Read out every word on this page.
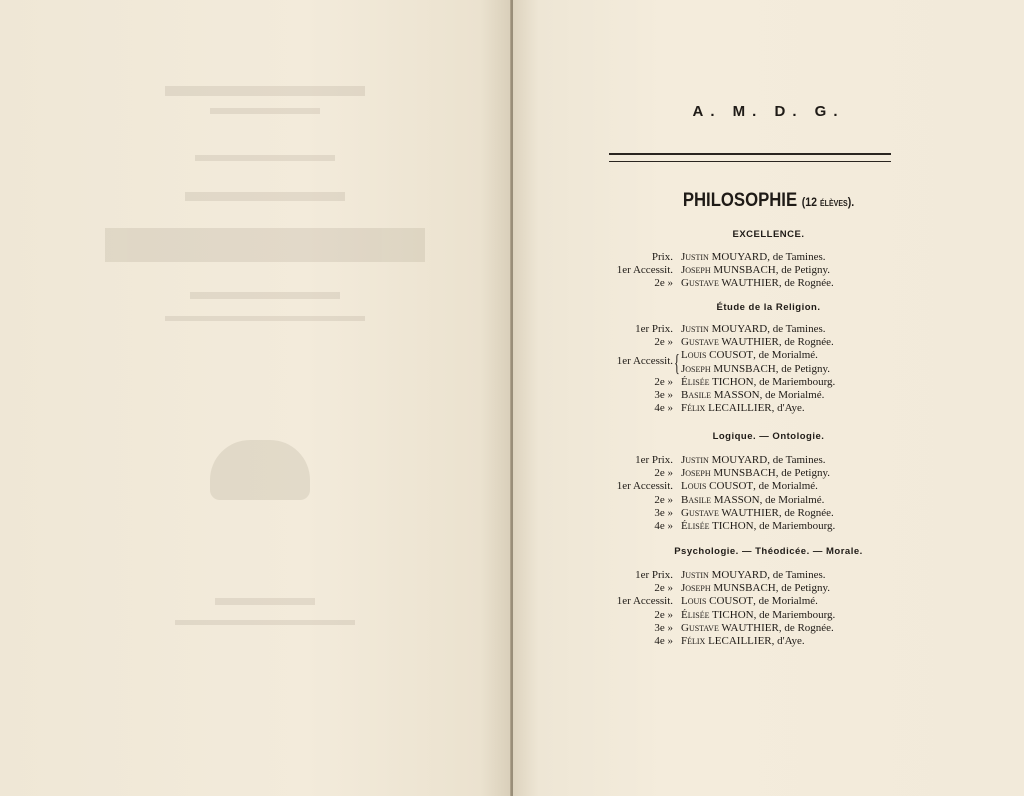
A. M. D. G.
PHILOSOPHIE (12 élèves).
EXCELLENCE.
Prix. Justin MOUYARD, de Tamines.
1er Accessit. Joseph MUNSBACH, de Petigny.
2e » Gustave WAUTHIER, de Rognée.
Étude de la Religion.
1er Prix. Justin MOUYARD, de Tamines.
2e » Gustave WAUTHIER, de Rognée.
1er Accessit. Louis COUSOT, de Morialmé.
Joseph MUNSBACH, de Petigny.
2e » Élisée TICHON, de Mariembourg.
3e » Basile MASSON, de Morialmé.
4e » Félix LECAILLIER, d'Aye.
{
Logique. — Ontologie.
1er Prix. Justin MOUYARD, de Tamines.
2e » Joseph MUNSBACH, de Petigny.
1er Accessit. Louis COUSOT, de Morialmé.
2e » Basile MASSON, de Morialmé.
3e » Gustave WAUTHIER, de Rognée.
4e » Élisée TICHON, de Mariembourg.
Psychologie. — Théodicée. — Morale.
1er Prix. Justin MOUYARD, de Tamines.
2e » Joseph MUNSBACH, de Petigny.
1er Accessit. Louis COUSOT, de Morialmé.
2e » Élisée TICHON, de Mariembourg.
3e » Gustave WAUTHIER, de Rognée.
4e » Félix LECAILLIER, d'Aye.
